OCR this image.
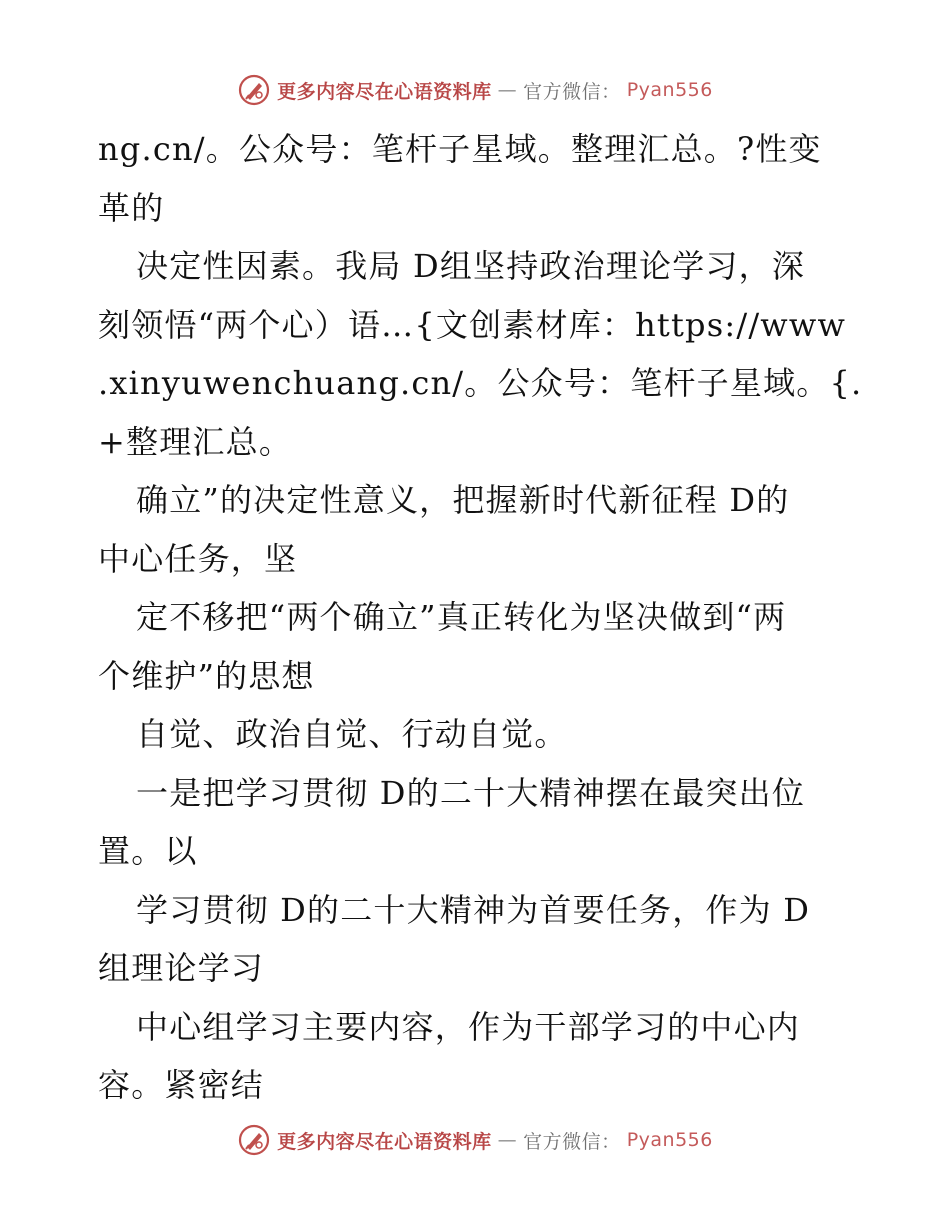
更多内容尽在心语资料库 — 官方微信： Pyan556
ng.cn/。公众号：笔杆子星域。整理汇总。?性变
革的
决定性因素。我局 D组坚持政治理论学习，深
刻领悟“两个心）语…{文创素材库：https://www
.xinyuwenchuang.cn/。公众号：笔杆子星域。{.
+整理汇总。
确立”的决定性意义，把握新时代新征程 D的
中心任务，坚
定不移把“两个确立”真正转化为坚决做到“两
个维护”的思想
自觉、政治自觉、行动自觉。
一是把学习贯彻 D的二十大精神摆在最突出位
置。以
学习贯彻 D的二十大精神为首要任务，作为 D
组理论学习
中心组学习主要内容，作为干部学习的中心内
容。紧密结
更多内容尽在心语资料库 — 官方微信： Pyan556
